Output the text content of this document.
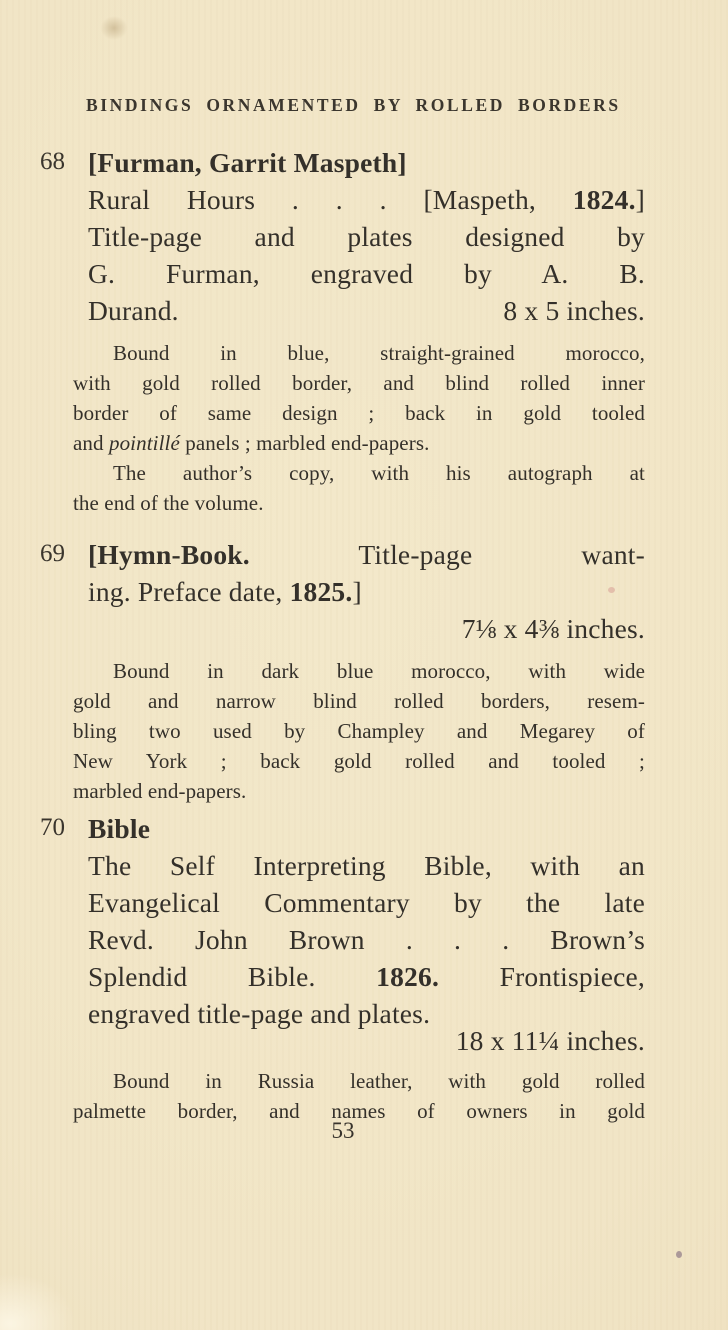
BINDINGS ORNAMENTED BY ROLLED BORDERS
68 [Furman, Garrit Maspeth]
Rural Hours . . . [Maspeth, 1824.]
Title-page and plates designed by
G. Furman, engraved by A. B.
Durand.	8 x 5 inches.
Bound in blue, straight-grained morocco,
with gold rolled border, and blind rolled inner
border of same design ; back in gold tooled
and pointillé panels ; marbled end-papers.
The author’s copy, with his autograph at
the end of the volume.
69 [Hymn-Book. Title-page want-
ing. Preface date, 1825.]
7⅛ x 4⅜ inches.
Bound in dark blue morocco, with wide
gold and narrow blind rolled borders, resem-
bling two used by Champley and Megarey of
New York ; back gold rolled and tooled ;
marbled end-papers.
70 Bible
The Self Interpreting Bible, with an
Evangelical Commentary by the late
Revd. John Brown . . . Brown’s
Splendid Bible. 1826. Frontispiece,
engraved title-page and plates.
18 x 11¼ inches.
Bound in Russia leather, with gold rolled
palmette border, and names of owners in gold
53
